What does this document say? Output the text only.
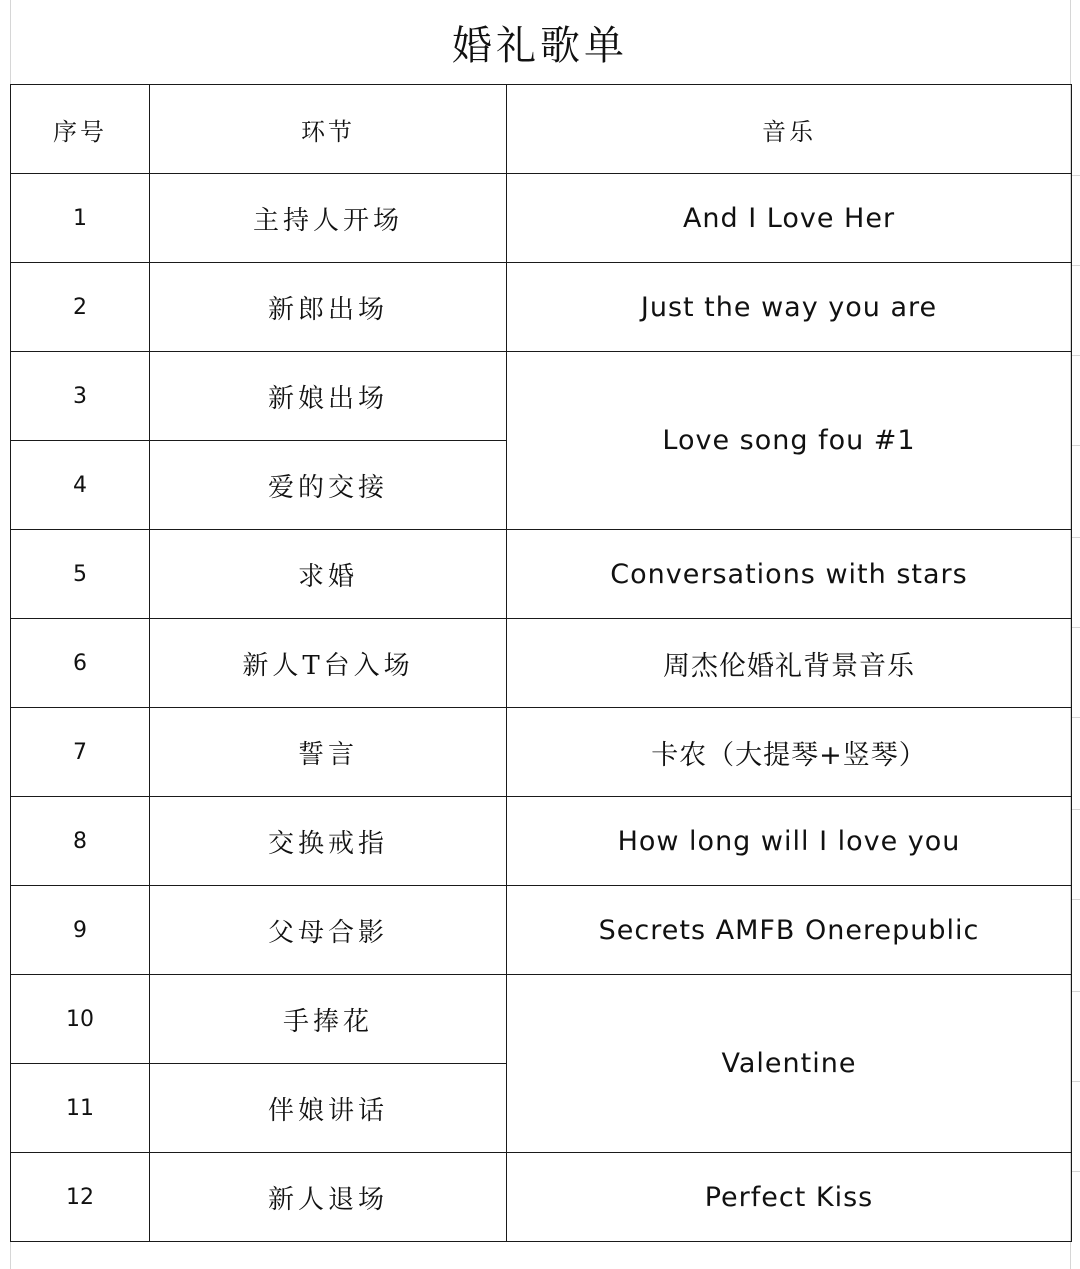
婚礼歌单
序号	环节	音乐
1	主持人开场	And I Love Her
2	新郎出场	Just the way you are
3	新娘出场	Love song fou #1
4	爱的交接	
5	求婚	Conversations with stars
6	新人T台入场	周杰伦婚礼背景音乐
7	誓言	卡农（大提琴+竖琴）
8	交换戒指	How long will I love you
9	父母合影	Secrets AMFB Onerepublic
10	手捧花	Valentine
11	伴娘讲话	
12	新人退场	Perfect Kiss
